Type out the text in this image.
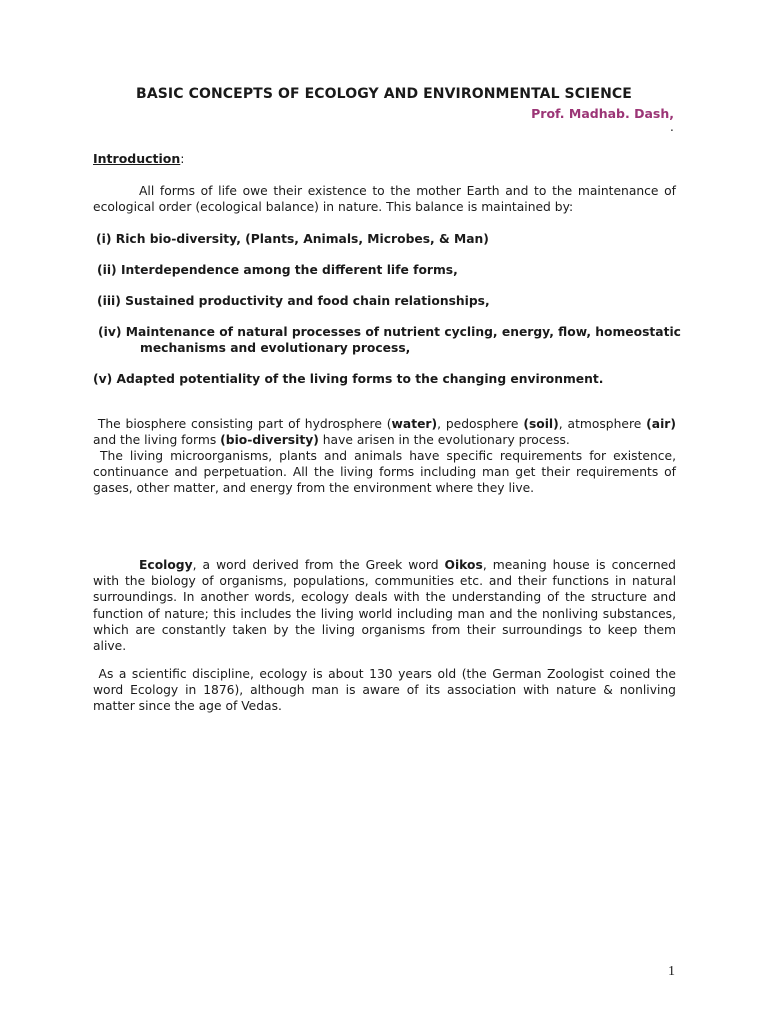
BASIC CONCEPTS OF ECOLOGY AND ENVIRONMENTAL SCIENCE
Prof. Madhab. Dash,
.
Introduction:
All forms of life owe their existence to the mother Earth and to the maintenance of ecological order (ecological balance) in nature. This balance is maintained by:
(i) Rich bio-diversity, (Plants, Animals, Microbes, & Man)
(ii) Interdependence among the different life forms,
(iii) Sustained productivity and food chain relationships,
(iv) Maintenance of natural processes of nutrient cycling, energy, flow, homeostatic
mechanisms and evolutionary process,
(v) Adapted potentiality of the living forms to the changing environment.
The biosphere consisting part of hydrosphere (water), pedosphere (soil), atmosphere (air) and the living forms (bio-diversity) have arisen in the evolutionary process.
The living microorganisms, plants and animals have specific requirements for existence, continuance and perpetuation. All the living forms including man get their requirements of gases, other matter, and energy from the environment where they live.
Ecology, a word derived from the Greek word Oikos, meaning house is concerned with the biology of organisms, populations, communities etc. and their functions in natural surroundings. In another words, ecology deals with the understanding of the structure and function of nature; this includes the living world including man and the nonliving substances, which are constantly taken by the living organisms from their surroundings to keep them alive.
As a scientific discipline, ecology is about 130 years old (the German Zoologist coined the word Ecology in 1876), although man is aware of its association with nature & nonliving matter since the age of Vedas.
1
